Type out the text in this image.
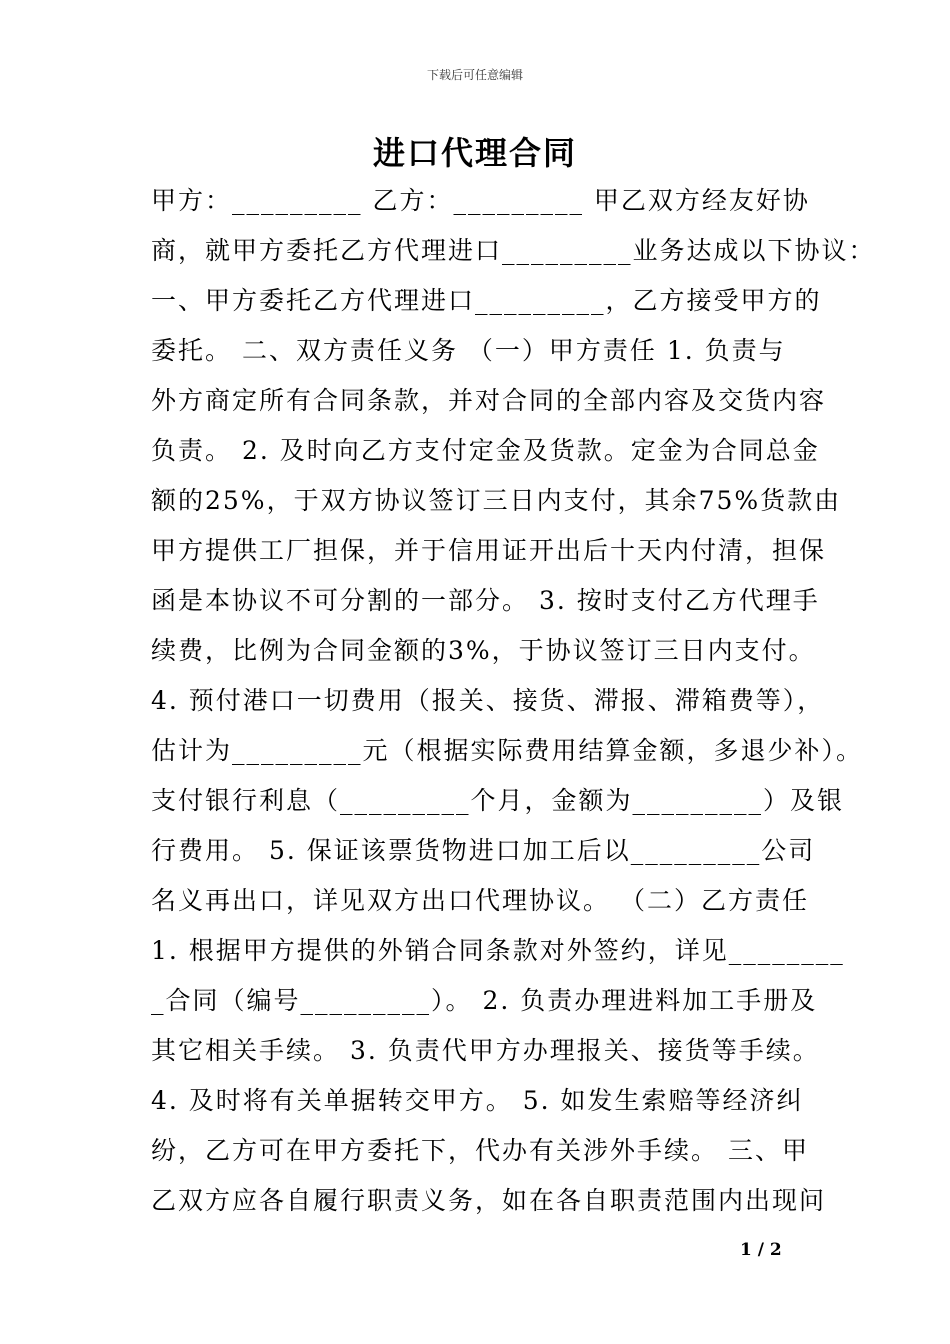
下载后可任意编辑
进口代理合同
甲方：_________ 乙方：_________ 甲乙双方经友好协
商，就甲方委托乙方代理进口_________业务达成以下协议：
一、甲方委托乙方代理进口_________，乙方接受甲方的
委托。 二、双方责任义务 （一）甲方责任 1. 负责与
外方商定所有合同条款，并对合同的全部内容及交货内容
负责。 2. 及时向乙方支付定金及货款。定金为合同总金
额的25%，于双方协议签订三日内支付，其余75%货款由
甲方提供工厂担保，并于信用证开出后十天内付清，担保
函是本协议不可分割的一部分。 3. 按时支付乙方代理手
续费，比例为合同金额的3%，于协议签订三日内支付。
4. 预付港口一切费用（报关、接货、滞报、滞箱费等），
估计为_________元（根据实际费用结算金额，多退少补）。
支付银行利息（_________个月，金额为_________）及银
行费用。 5. 保证该票货物进口加工后以_________公司
名义再出口，详见双方出口代理协议。 （二）乙方责任
1. 根据甲方提供的外销合同条款对外签约，详见________
_合同（编号_________）。 2. 负责办理进料加工手册及
其它相关手续。 3. 负责代甲方办理报关、接货等手续。
4. 及时将有关单据转交甲方。 5. 如发生索赔等经济纠
纷，乙方可在甲方委托下，代办有关涉外手续。 三、甲
乙双方应各自履行职责义务，如在各自职责范围内出现问
1 / 2
